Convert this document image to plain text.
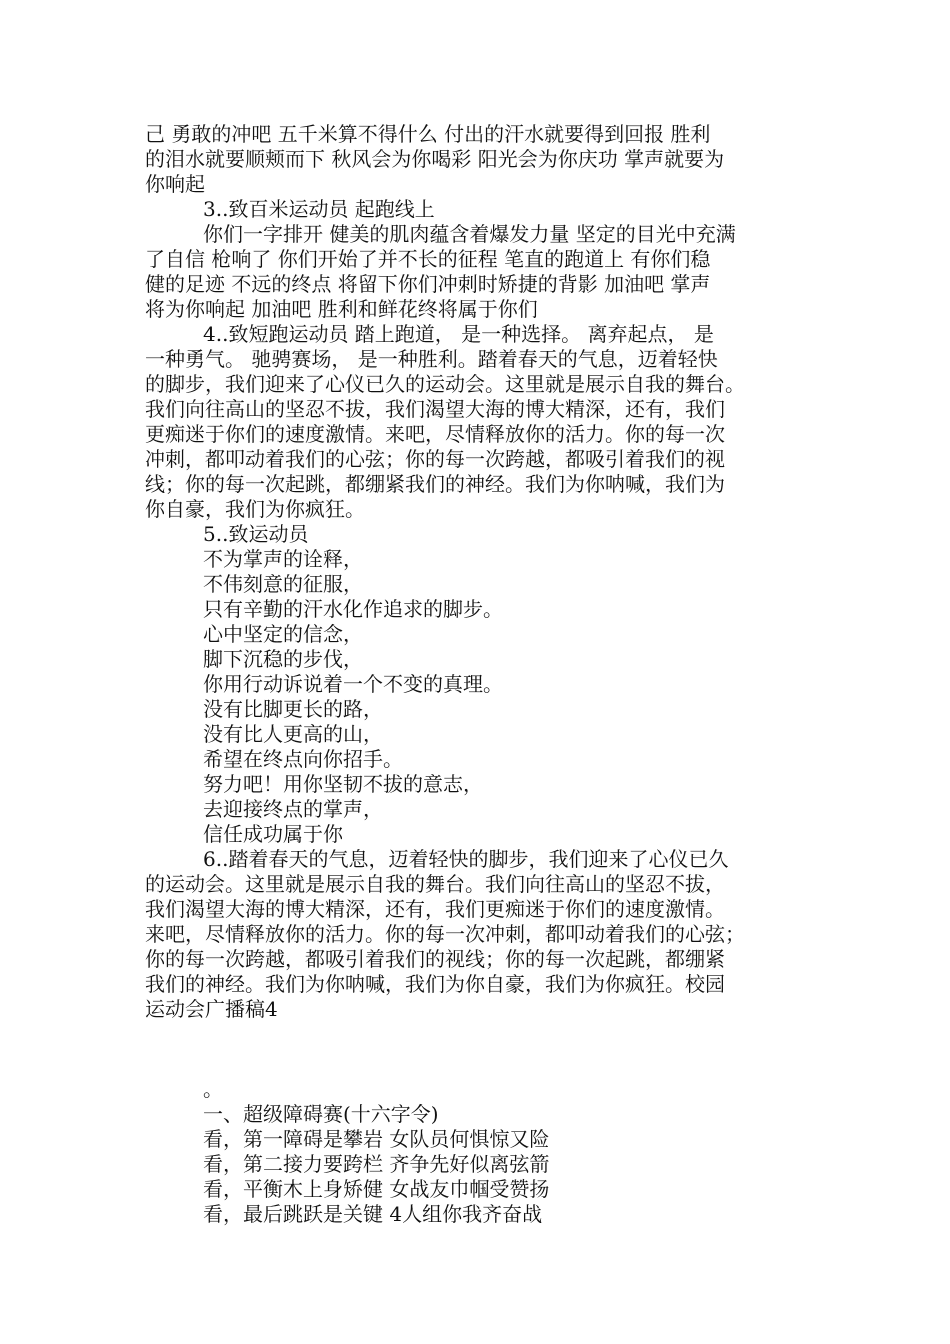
己 勇敢的冲吧 五千米算不得什么 付出的汗水就要得到回报 胜利
的泪水就要顺颊而下 秋风会为你喝彩 阳光会为你庆功 掌声就要为
你响起
3..致百米运动员 起跑线上
你们一字排开 健美的肌肉蕴含着爆发力量 坚定的目光中充满
了自信 枪响了 你们开始了并不长的征程 笔直的跑道上 有你们稳
健的足迹 不远的终点 将留下你们冲刺时矫捷的背影 加油吧 掌声
将为你响起 加油吧 胜利和鲜花终将属于你们
4..致短跑运动员 踏上跑道， 是一种选择。 离弃起点， 是
一种勇气。 驰骋赛场， 是一种胜利。踏着春天的气息，迈着轻快
的脚步，我们迎来了心仪已久的运动会。这里就是展示自我的舞台。
我们向往高山的坚忍不拔，我们渴望大海的博大精深，还有，我们
更痴迷于你们的速度激情。来吧，尽情释放你的活力。你的每一次
冲刺，都叩动着我们的心弦；你的每一次跨越，都吸引着我们的视
线；你的每一次起跳，都绷紧我们的神经。我们为你呐喊，我们为
你自豪，我们为你疯狂。
5..致运动员
不为掌声的诠释，
不伟刻意的征服，
只有辛勤的汗水化作追求的脚步。
心中坚定的信念，
脚下沉稳的步伐，
你用行动诉说着一个不变的真理。
没有比脚更长的路，
没有比人更高的山，
希望在终点向你招手。
努力吧！用你坚韧不拔的意志，
去迎接终点的掌声，
信任成功属于你
6..踏着春天的气息，迈着轻快的脚步，我们迎来了心仪已久
的运动会。这里就是展示自我的舞台。我们向往高山的坚忍不拔，
我们渴望大海的博大精深，还有，我们更痴迷于你们的速度激情。
来吧，尽情释放你的活力。你的每一次冲刺，都叩动着我们的心弦；
你的每一次跨越，都吸引着我们的视线；你的每一次起跳，都绷紧
我们的神经。我们为你呐喊，我们为你自豪，我们为你疯狂。校园
运动会广播稿4
。
一、超级障碍赛(十六字令)
看，第一障碍是攀岩 女队员何惧惊又险
看，第二接力要跨栏 齐争先好似离弦箭
看，平衡木上身矫健 女战友巾帼受赞扬
看，最后跳跃是关键 4人组你我齐奋战
